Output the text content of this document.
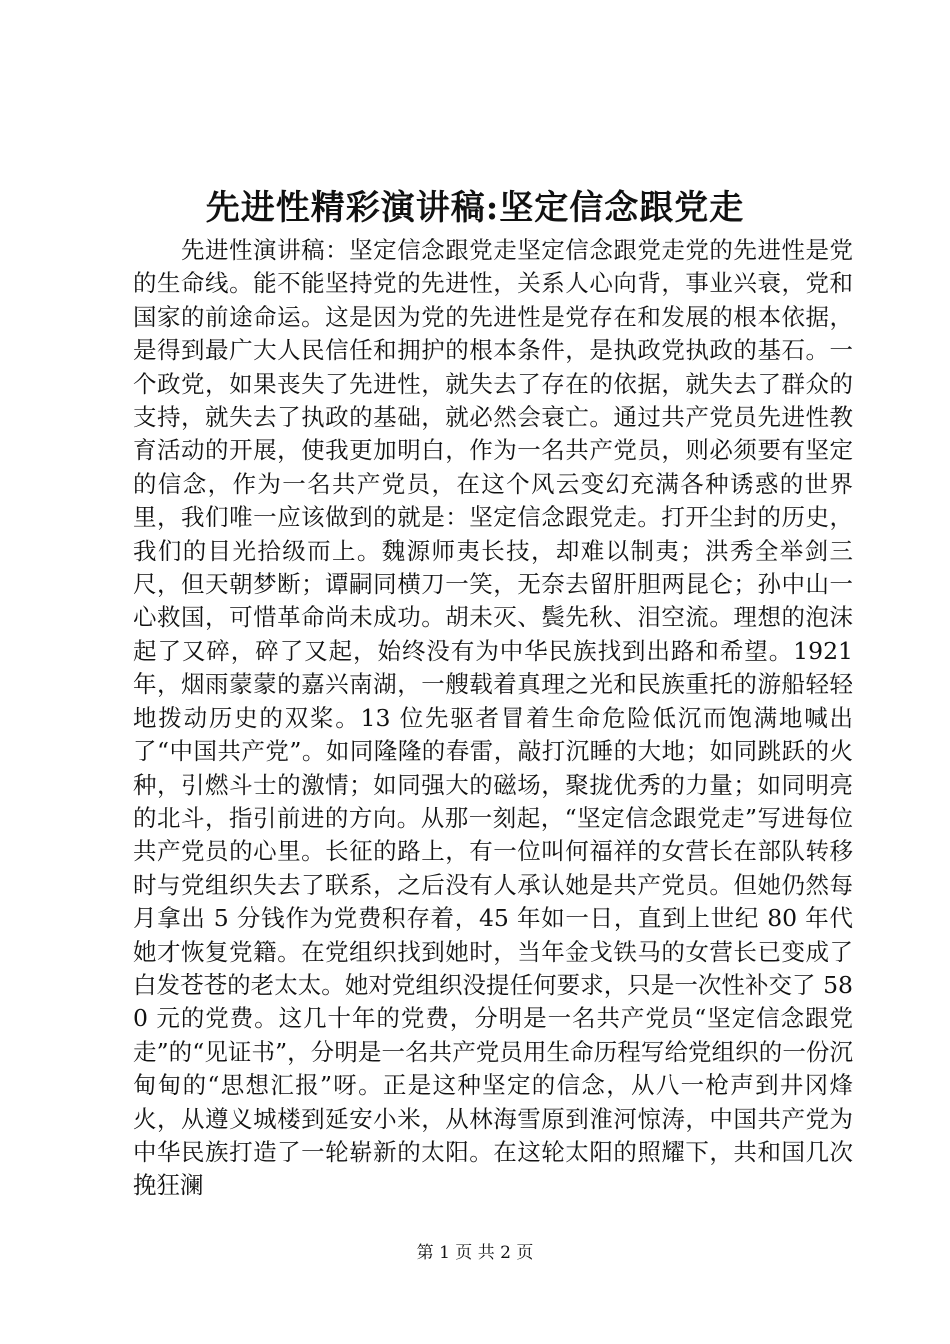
先进性精彩演讲稿:坚定信念跟党走

先进性演讲稿：坚定信念跟党走坚定信念跟党走党的先进性是党的生命线。能不能坚持党的先进性，关系人心向背，事业兴衰，党和国家的前途命运。这是因为党的先进性是党存在和发展的根本依据，是得到最广大人民信任和拥护的根本条件，是执政党执政的基石。一个政党，如果丧失了先进性，就失去了存在的依据，就失去了群众的支持，就失去了执政的基础，就必然会衰亡。通过共产党员先进性教育活动的开展，使我更加明白，作为一名共产党员，则必须要有坚定的信念，作为一名共产党员，在这个风云变幻充满各种诱惑的世界里，我们唯一应该做到的就是：坚定信念跟党走。打开尘封的历史，我们的目光拾级而上。魏源师夷长技，却难以制夷；洪秀全举剑三尺，但天朝梦断；谭嗣同横刀一笑，无奈去留肝胆两昆仑；孙中山一心救国，可惜革命尚未成功。胡未灭、鬓先秋、泪空流。理想的泡沫起了又碎，碎了又起，始终没有为中华民族找到出路和希望。1921 年，烟雨蒙蒙的嘉兴南湖，一艘载着真理之光和民族重托的游船轻轻地拨动历史的双桨。13 位先驱者冒着生命危险低沉而饱满地喊出了“中国共产党”。如同隆隆的春雷，敲打沉睡的大地；如同跳跃的火种，引燃斗士的激情；如同强大的磁场，聚拢优秀的力量；如同明亮的北斗，指引前进的方向。从那一刻起，“坚定信念跟党走”写进每位共产党员的心里。长征的路上，有一位叫何福祥的女营长在部队转移时与党组织失去了联系，之后没有人承认她是共产党员。但她仍然每月拿出 5 分钱作为党费积存着，45 年如一日，直到上世纪 80 年代她才恢复党籍。在党组织找到她时，当年金戈铁马的女营长已变成了白发苍苍的老太太。她对党组织没提任何要求，只是一次性补交了 580 元的党费。这几十年的党费，分明是一名共产党员“坚定信念跟党走”的“见证书”，分明是一名共产党员用生命历程写给党组织的一份沉甸甸的“思想汇报”呀。正是这种坚定的信念，从八一枪声到井冈烽火，从遵义城楼到延安小米，从林海雪原到淮河惊涛，中国共产党为中华民族打造了一轮崭新的太阳。在这轮太阳的照耀下，共和国几次挽狂澜

第 1 页 共 2 页
